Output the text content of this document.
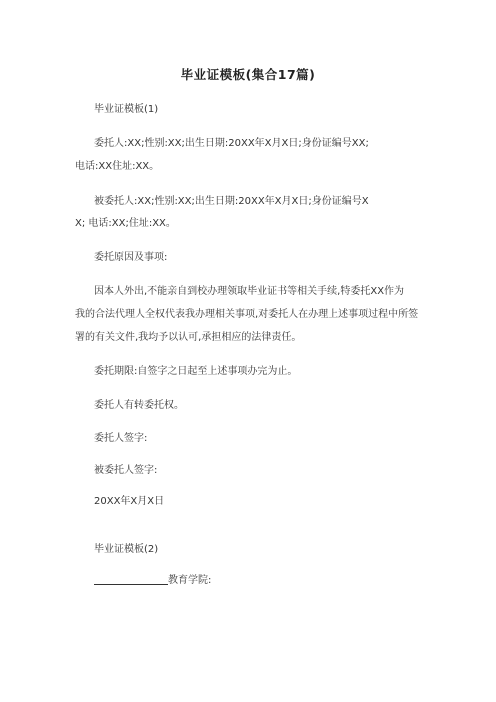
毕业证模板(集合17篇)
毕业证模板(1)
委托人:XX;性别:XX;出生日期:20XX年X月X日;身份证编号XX;
电话:XX住址:XX。
被委托人:XX;性别:XX;出生日期:20XX年X月X日;身份证编号X
X; 电话:XX;住址:XX。
委托原因及事项:
因本人外出,不能亲自到校办理领取毕业证书等相关手续,特委托XX作为
我的合法代理人全权代表我办理相关事项,对委托人在办理上述事项过程中所签
署的有关文件,我均予以认可,承担相应的法律责任。
委托期限:自签字之日起至上述事项办完为止。
委托人有转委托权。
委托人签字:
被委托人签字:
20XX年X月X日
毕业证模板(2)
教育学院:
